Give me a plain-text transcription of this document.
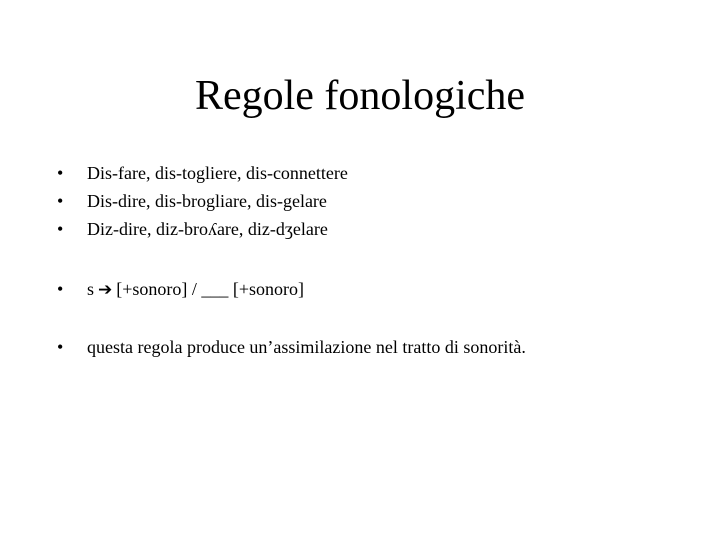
Regole fonologiche
• Dis-fare, dis-togliere, dis-connettere
• Dis-dire, dis-brogliare, dis-gelare
• Diz-dire, diz-broʎare, diz-dʒelare
• s ➔ [+sonoro] / ___ [+sonoro]
• questa regola produce un’assimilazione nel tratto di sonorità.
